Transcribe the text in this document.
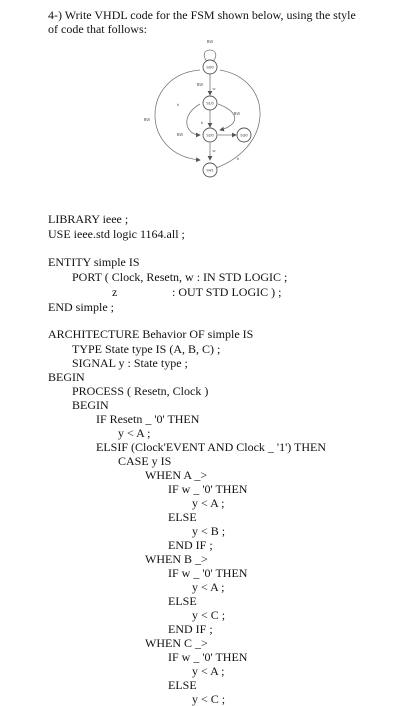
4-) Write VHDL code for the FSM shown below, using the style
of code that follows:
S0/0
S1/0
S2/0	S3/0
S4/1
B̅W̅
B̅W̅
w
b
B̅W̅
B̅W̅
B̅W̅
b
w
b
LIBRARY ieee ;
USE ieee.std logic 1164.all ;
ENTITY simple IS
PORT ( Clock, Resetn, w : IN STD LOGIC ;
z	: OUT STD LOGIC ) ;
END simple ;
ARCHITECTURE Behavior OF simple IS
TYPE State type IS (A, B, C) ;
SIGNAL y : State type ;
BEGIN
PROCESS ( Resetn, Clock )
BEGIN
IF Resetn _ '0' THEN
y < A ;
ELSIF (Clock'EVENT AND Clock _ '1') THEN
CASE y IS
WHEN A _>
IF w _ '0' THEN
y < A ;
ELSE
y < B ;
END IF ;
WHEN B _>
IF w _ '0' THEN
y < A ;
ELSE
y < C ;
END IF ;
WHEN C _>
IF w _ '0' THEN
y < A ;
ELSE
y < C ;
